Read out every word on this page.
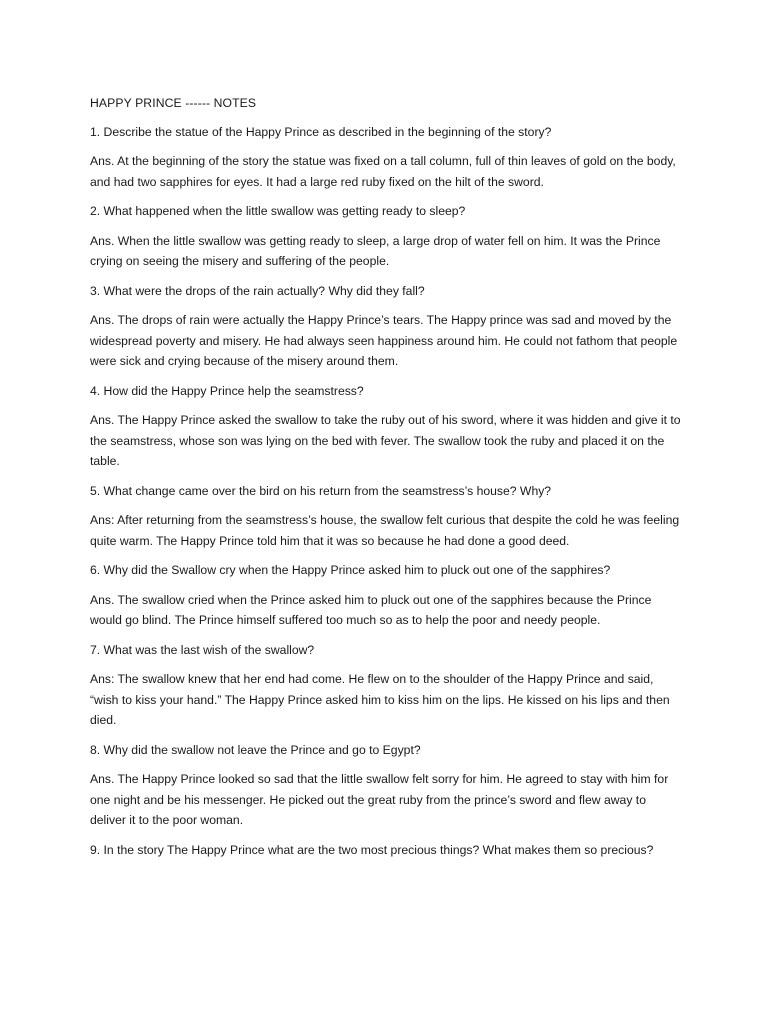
HAPPY PRINCE ------ NOTES

1. Describe the statue of the Happy Prince as described in the beginning of the story?

Ans. At the beginning of the story the statue was fixed on a tall column, full of thin leaves of gold on the body, and had two sapphires for eyes. It had a large red ruby fixed on the hilt of the sword.

2. What happened when the little swallow was getting ready to sleep?

Ans. When the little swallow was getting ready to sleep, a large drop of water fell on him. It was the Prince crying on seeing the misery and suffering of the people.

3. What were the drops of the rain actually? Why did they fall?

Ans. The drops of rain were actually the Happy Prince’s tears. The Happy prince was sad and moved by the widespread poverty and misery. He had always seen happiness around him. He could not fathom that people were sick and crying because of the misery around them.

4. How did the Happy Prince help the seamstress?

Ans. The Happy Prince asked the swallow to take the ruby out of his sword, where it was hidden and give it to the seamstress, whose son was lying on the bed with fever. The swallow took the ruby and placed it on the table.

5. What change came over the bird on his return from the seamstress’s house? Why?

Ans: After returning from the seamstress’s house, the swallow felt curious that despite the cold he was feeling quite warm. The Happy Prince told him that it was so because he had done a good deed.

6. Why did the Swallow cry when the Happy Prince asked him to pluck out one of the sapphires?

Ans. The swallow cried when the Prince asked him to pluck out one of the sapphires because the Prince would go blind. The Prince himself suffered too much so as to help the poor and needy people.

7. What was the last wish of the swallow?

Ans: The swallow knew that her end had come. He flew on to the shoulder of the Happy Prince and said, “wish to kiss your hand.” The Happy Prince asked him to kiss him on the lips. He kissed on his lips and then died.

8. Why did the swallow not leave the Prince and go to Egypt?

Ans. The Happy Prince looked so sad that the little swallow felt sorry for him. He agreed to stay with him for one night and be his messenger. He picked out the great ruby from the prince’s sword and flew away to deliver it to the poor woman.

9. In the story The Happy Prince what are the two most precious things? What makes them so precious?
